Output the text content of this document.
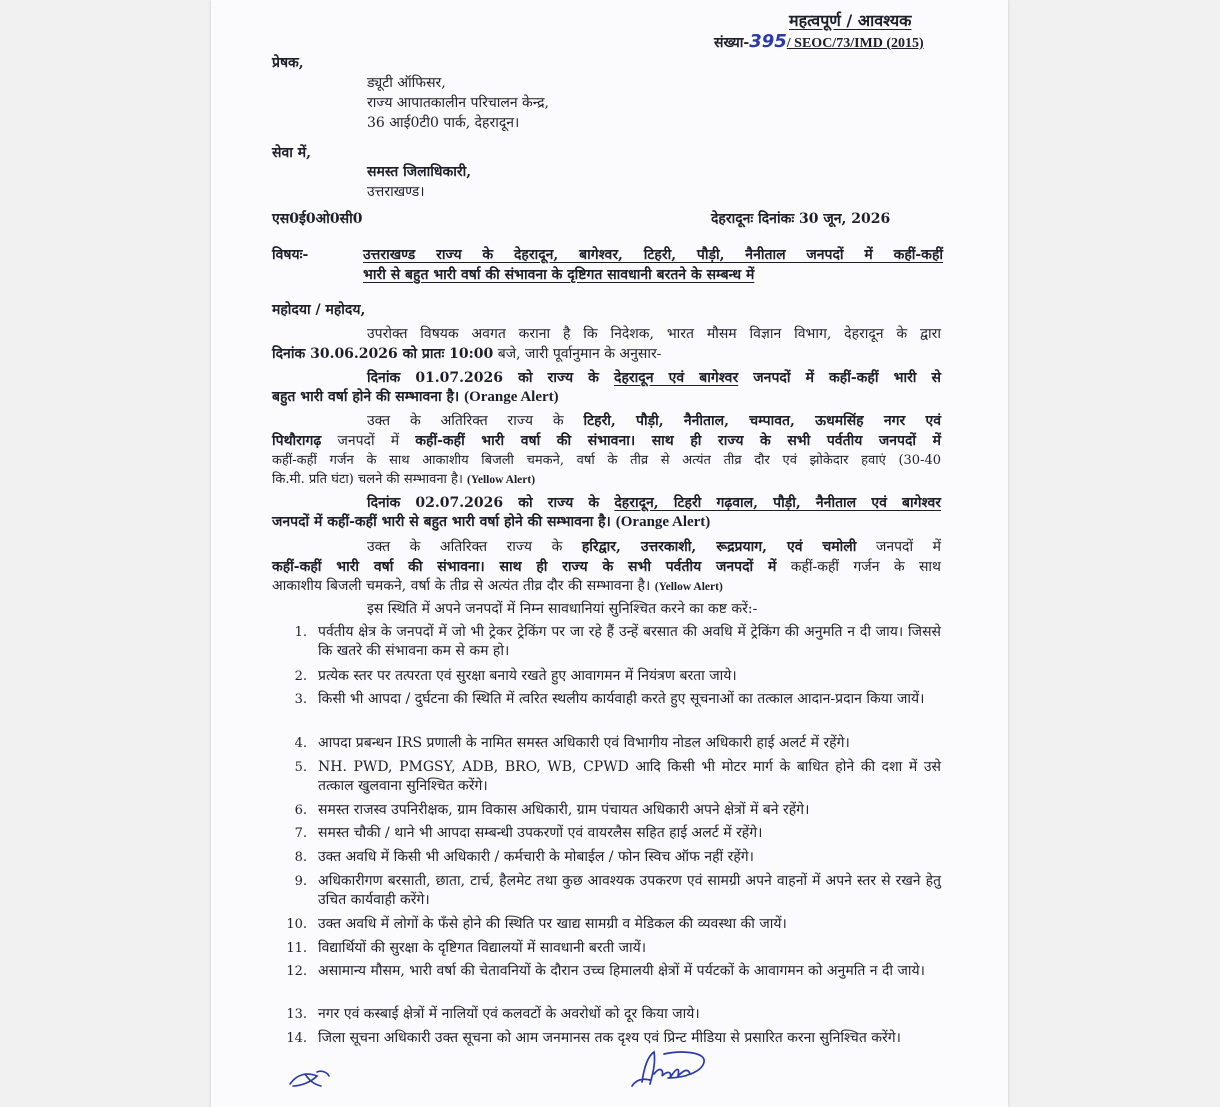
महत्वपूर्ण / आवश्यक
संख्या-395/ SEOC/73/IMD (2015)
प्रेषक,
ड्यूटी ऑफिसर,
राज्य आपातकालीन परिचालन केन्द्र,
36 आई0टी0 पार्क, देहरादून।
सेवा में,
समस्त जिलाधिकारी,
उत्तराखण्ड।
एस0ई0ओ0सी0	देहरादूनः दिनांकः 30 जून, 2026
विषयः-	उत्तराखण्ड राज्य के देहरादून, बागेश्वर, टिहरी, पौड़ी, नैनीताल जनपदों में कहीं-कहीं
भारी से बहुत भारी वर्षा की संभावना के दृष्टिगत सावधानी बरतने के सम्बन्ध में
महोदया / महोदय,
उपरोक्त विषयक अवगत कराना है कि निदेशक, भारत मौसम विज्ञान विभाग, देहरादून के द्वारा
दिनांक 30.06.2026 को प्रातः 10:00 बजे, जारी पूर्वानुमान के अनुसार-
दिनांक 01.07.2026 को राज्य के देहरादून एवं बागेश्वर जनपदों में कहीं-कहीं भारी से
बहुत भारी वर्षा होने की सम्भावना है। (Orange Alert)
उक्त के अतिरिक्त राज्य के टिहरी, पौड़ी, नैनीताल, चम्पावत, ऊधमसिंह नगर एवं
पिथौरागढ़ जनपदों में कहीं-कहीं भारी वर्षा की संभावना। साथ ही राज्य के सभी पर्वतीय जनपदों में
कहीं-कहीं गर्जन के साथ आकाशीय बिजली चमकने, वर्षा के तीव्र से अत्यंत तीव्र दौर एवं झोकेदार हवाएं (30-40
कि.मी. प्रति घंटा) चलने की सम्भावना है। (Yellow Alert)
दिनांक 02.07.2026 को राज्य के देहरादून, टिहरी गढ़वाल, पौड़ी, नैनीताल एवं बागेश्वर
जनपदों में कहीं-कहीं भारी से बहुत भारी वर्षा होने की सम्भावना है। (Orange Alert)
उक्त के अतिरिक्त राज्य के हरिद्वार, उत्तरकाशी, रूद्रप्रयाग, एवं चमोली जनपदों में
कहीं-कहीं भारी वर्षा की संभावना। साथ ही राज्य के सभी पर्वतीय जनपदों में कहीं-कहीं गर्जन के साथ
आकाशीय बिजली चमकने, वर्षा के तीव्र से अत्यंत तीव्र दौर की सम्भावना है। (Yellow Alert)
इस स्थिति में अपने जनपदों में निम्न सावधानियां सुनिश्चित करने का कष्ट करें:-
1. पर्वतीय क्षेत्र के जनपदों में जो भी ट्रेकर ट्रेकिंग पर जा रहे हैं उन्हें बरसात की अवधि में ट्रेकिंग की अनुमति न दी जाय। जिससे कि खतरे की संभावना कम से कम हो।
2. प्रत्येक स्तर पर तत्परता एवं सुरक्षा बनाये रखते हुए आवागमन में नियंत्रण बरता जाये।
3. किसी भी आपदा / दुर्घटना की स्थिति में त्वरित स्थलीय कार्यवाही करते हुए सूचनाओं का तत्काल आदान-प्रदान किया जायें।
4. आपदा प्रबन्धन IRS प्रणाली के नामित समस्त अधिकारी एवं विभागीय नोडल अधिकारी हाई अलर्ट में रहेंगे।
5. NH. PWD, PMGSY, ADB, BRO, WB, CPWD आदि किसी भी मोटर मार्ग के बाधित होने की दशा में उसे तत्काल खुलवाना सुनिश्चित करेंगे।
6. समस्त राजस्व उपनिरीक्षक, ग्राम विकास अधिकारी, ग्राम पंचायत अधिकारी अपने क्षेत्रों में बने रहेंगे।
7. समस्त चौकी / थाने भी आपदा सम्बन्धी उपकरणों एवं वायरलैस सहित हाई अलर्ट में रहेंगे।
8. उक्त अवधि में किसी भी अधिकारी / कर्मचारी के मोबाईल / फोन स्विच ऑफ नहीं रहेंगे।
9. अधिकारीगण बरसाती, छाता, टार्च, हैलमेट तथा कुछ आवश्यक उपकरण एवं सामग्री अपने वाहनों में अपने स्तर से रखने हेतु उचित कार्यवाही करेंगे।
10. उक्त अवधि में लोगों के फँसे होने की स्थिति पर खाद्य सामग्री व मेडिकल की व्यवस्था की जायें।
11. विद्यार्थियों की सुरक्षा के दृष्टिगत विद्यालयों में सावधानी बरती जायें।
12. असामान्य मौसम, भारी वर्षा की चेतावनियों के दौरान उच्च हिमालयी क्षेत्रों में पर्यटकों के आवागमन को अनुमति न दी जाये।
13. नगर एवं कस्बाई क्षेत्रों में नालियों एवं कलवटों के अवरोधों को दूर किया जाये।
14. जिला सूचना अधिकारी उक्त सूचना को आम जनमानस तक दृश्य एवं प्रिन्ट मीडिया से प्रसारित करना सुनिश्चित करेंगे।
